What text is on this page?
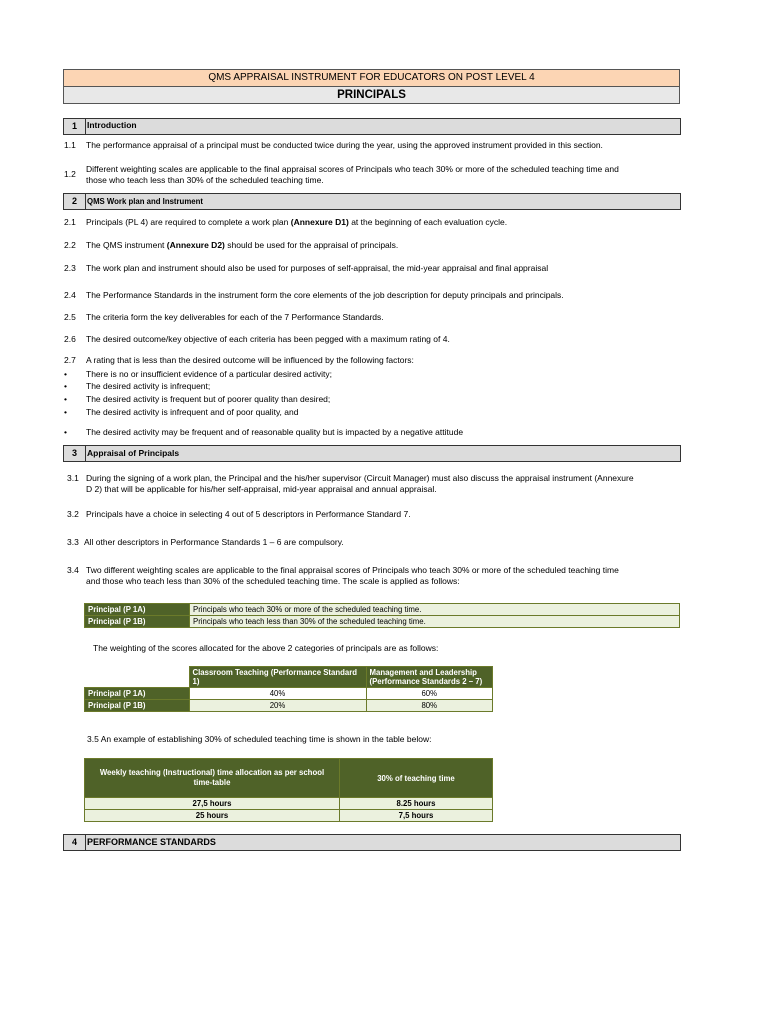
QMS APPRAISAL INSTRUMENT FOR EDUCATORS ON POST LEVEL 4
PRINCIPALS
1	Introduction
1.1	The performance appraisal of a principal must be conducted twice during the year, using the approved instrument provided in this section.
1.2	Different weighting scales are applicable to the final appraisal scores of Principals who teach 30% or more of the scheduled teaching time and
those who teach less than 30% of the scheduled teaching time.
2	QMS Work plan and Instrument
2.1	Principals (PL 4) are required to complete a work plan (Annexure D1) at the beginning of each evaluation cycle.
2.2	The QMS instrument (Annexure D2) should be used for the appraisal of principals.
2.3	The work plan and instrument should also be used for purposes of self-appraisal, the mid-year appraisal and final appraisal
2.4	The Performance Standards in the instrument form the core elements of the job description for deputy principals and principals.
2.5	The criteria form the key deliverables for each of the 7 Performance Standards.
2.6	The desired outcome/key objective of each criteria has been pegged with a maximum rating of 4.
2.7	A rating that is less than the desired outcome will be influenced by the following factors:
•	There is no or insufficient evidence of a particular desired activity;
•	The desired activity is infrequent;
•	The desired activity is frequent but of poorer quality than desired;
•	The desired activity is infrequent and of poor quality, and
•	The desired activity may be frequent and of reasonable quality but is impacted by a negative attitude
3	Appraisal of Principals
3.1 During the signing of a work plan, the Principal and the his/her supervisor (Circuit Manager) must also discuss the appraisal instrument (Annexure
D 2) that will be applicable for his/her self-appraisal, mid-year appraisal and annual appraisal.
3.2 Principals have a choice in selecting 4 out of 5 descriptors in Performance Standard 7.
3.3 All other descriptors in Performance Standards 1 – 6 are compulsory.
3.4 Two different weighting scales are applicable to the final appraisal scores of Principals who teach 30% or more of the scheduled teaching time
and those who teach less than 30% of the scheduled teaching time. The scale is applied as follows:
Principal (P 1A)	Principals who teach 30% or more of the scheduled teaching time.
Principal (P 1B)	Principals who teach less than 30% of the scheduled teaching time.
The weighting of the scores allocated for the above 2 categories of principals are as follows:
	Classroom Teaching (Performance Standard 1)	Management and Leadership (Performance Standards 2 – 7)
Principal (P 1A)	40%	60%
Principal (P 1B)	20%	80%
3.5 An example of establishing 30% of scheduled teaching time is shown in the table below:
Weekly teaching (Instructional) time allocation as per school time-table	30% of teaching time
27,5 hours	8.25 hours
25 hours	7,5 hours
4	PERFORMANCE STANDARDS
